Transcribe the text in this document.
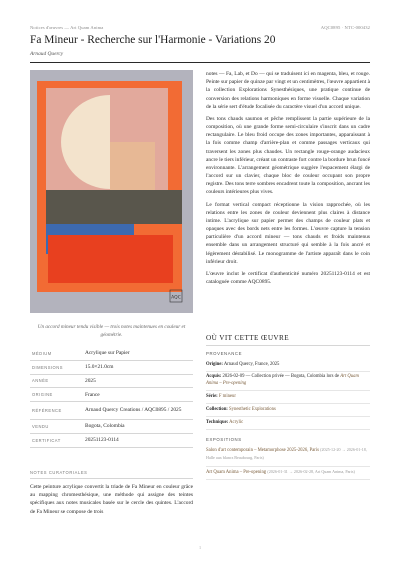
Notices d'œuvres — Art Quam Anima	AQC0895 · NTC-000432
Fa Mineur - Recherche sur l'Harmonie - Variations 20
Arnaud Quercy
AQC
Un accord mineur tendu visible — trois notes maintenues en couleur et géométrie.
MÉDIUM	Acrylique sur Papier
DIMENSIONS	15.0×21.0cm
ANNÉE	2025
ORIGINE	France
RÉFÉRENCE	Arnaud Quercy Creations / AQC0895 / 2025
VENDU	Bogota, Colombia
CERTIFICAT	20251123-0114
NOTES CURATORIALES
Cette peinture acrylique convertit la triade de Fa Mineur en couleur grâce au mapping chromesthésique, une méthode qui assigne des teintes spécifiques aux notes musicales basée sur le cercle des quintes. L'accord de Fa Mineur se compose de trois

notes — Fa, Lab, et Do — qui se traduisent ici en magenta, bleu, et rouge. Peinte sur papier de quinze par vingt et un centimètres, l'œuvre appartient à la collection Explorations Synesthésiques, une pratique continue de conversion des relations harmoniques en forme visuelle. Chaque variation de la série sert d'étude focalisée du caractère visuel d'un accord unique.

Des tons chauds saumon et pêche remplissent la partie supérieure de la composition, où une grande forme semi-circulaire s'inscrit dans un cadre rectangulaire. Le bleu froid occupe des zones importantes, apparaissant à la fois comme champ d'arrière-plan et comme passages verticaux qui traversent les zones plus chaudes. Un rectangle rouge-orange audacieux ancre le tiers inférieur, créant un contraste fort contre la bordure brun foncé environnante. L'arrangement géométrique suggère l'espacement élargi de l'accord sur un clavier, chaque bloc de couleur occupant son propre registre. Des tons terre sombres encadrent toute la composition, ancrant les couleurs intérieures plus vives.

Le format vertical compact réceptionne la vision rapprochée, où les relations entre les zones de couleur deviennent plus claires à distance intime. L'acrylique sur papier permet des champs de couleur plats et opaques avec des bords nets entre les formes. L'œuvre capture la tension particulière d'un accord mineur — tons chauds et froids maintenus ensemble dans un arrangement structuré qui semble à la fois ancré et légèrement déstabilisé. Le monogramme de l'artiste apparaît dans le coin inférieur droit.

L'œuvre inclut le certificat d'authenticité numéro 20251123-0114 et est cataloguée comme AQC0895.

OÙ VIT CETTE ŒUVRE
PROVENANCE
Origine: Arnaud Quercy, France, 2025
Acquis: 2026-02-09 — Collection privée — Bogota, Colombia lors de Art Quam Anima – Pre-opening
Série: F mineur
Collection: Synesthetic Explorations
Technique: Acrylic
EXPOSITIONS
Salon d'art contemporain – Metamorphose 2025-2026, Paris (2025-12-20 → 2026-01-18, Halle aux blancs Beaubourg, Paris)
Art Quam Anima – Pre-opening (2026-01-31 → 2026-02-28, Art Quam Anima, Paris)
1
